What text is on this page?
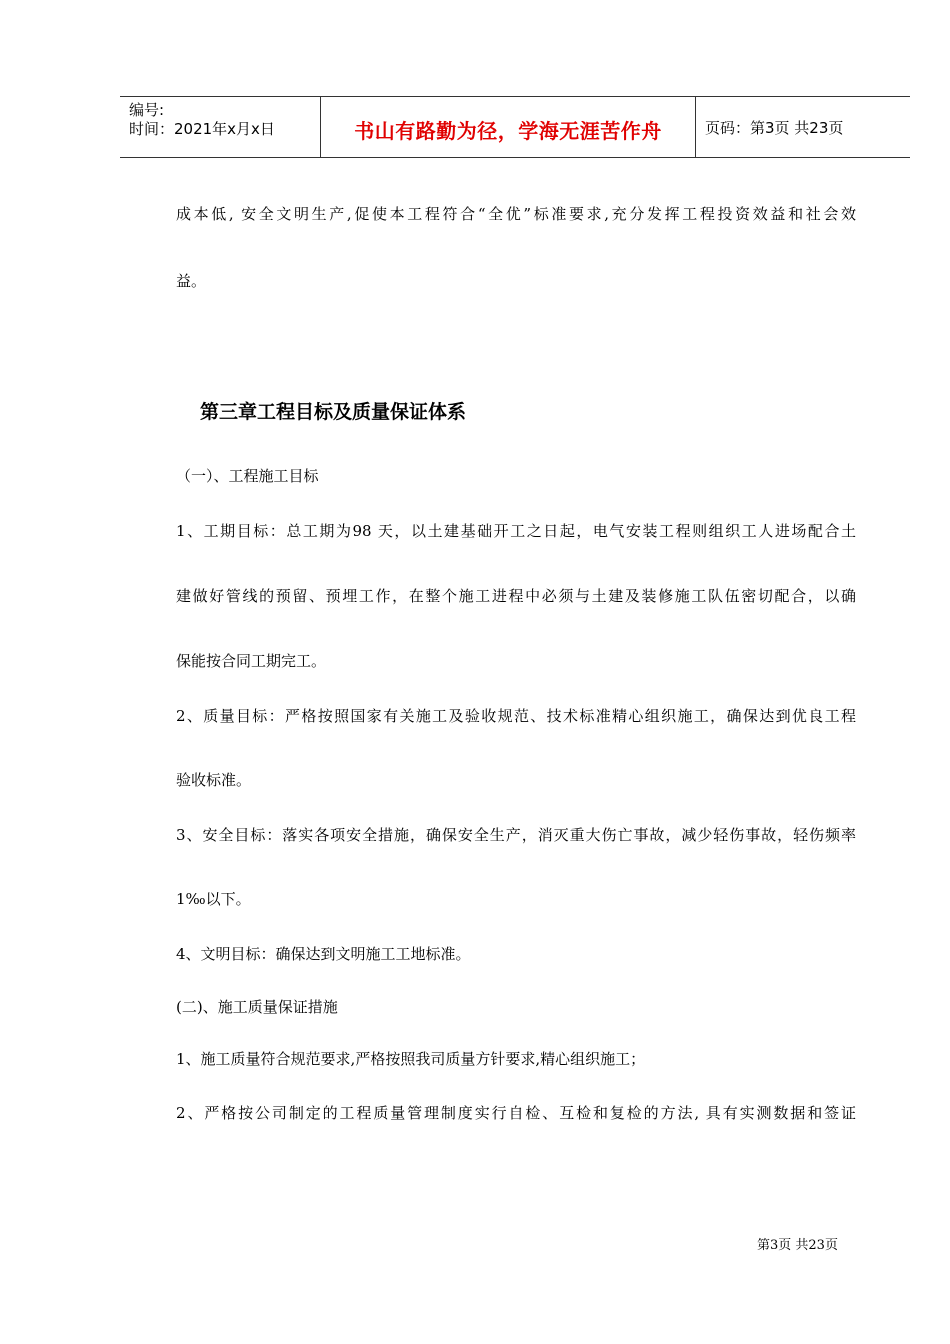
编号:
时间：2021年x月x日	书山有路勤为径，学海无涯苦作舟	页码：第3页 共23页
成本低, 安全文明生产,促使本工程符合“全优”标准要求,充分发挥工程投资效益和社会效
益。
第三章工程目标及质量保证体系
（一）、工程施工目标
1、工期目标：总工期为98 天，以土建基础开工之日起，电气安装工程则组织工人进场配合土
建做好管线的预留、预埋工作，在整个施工进程中必须与土建及装修施工队伍密切配合，以确
保能按合同工期完工。
2、质量目标：严格按照国家有关施工及验收规范、技术标准精心组织施工，确保达到优良工程
验收标准。
3、安全目标：落实各项安全措施，确保安全生产，消灭重大伤亡事故，减少轻伤事故，轻伤频率
1‰以下。
4、文明目标：确保达到文明施工工地标准。
(二)、施工质量保证措施
1、施工质量符合规范要求,严格按照我司质量方针要求,精心组织施工；
2、严格按公司制定的工程质量管理制度实行自检、互检和复检的方法, 具有实测数据和签证
第3页 共23页
